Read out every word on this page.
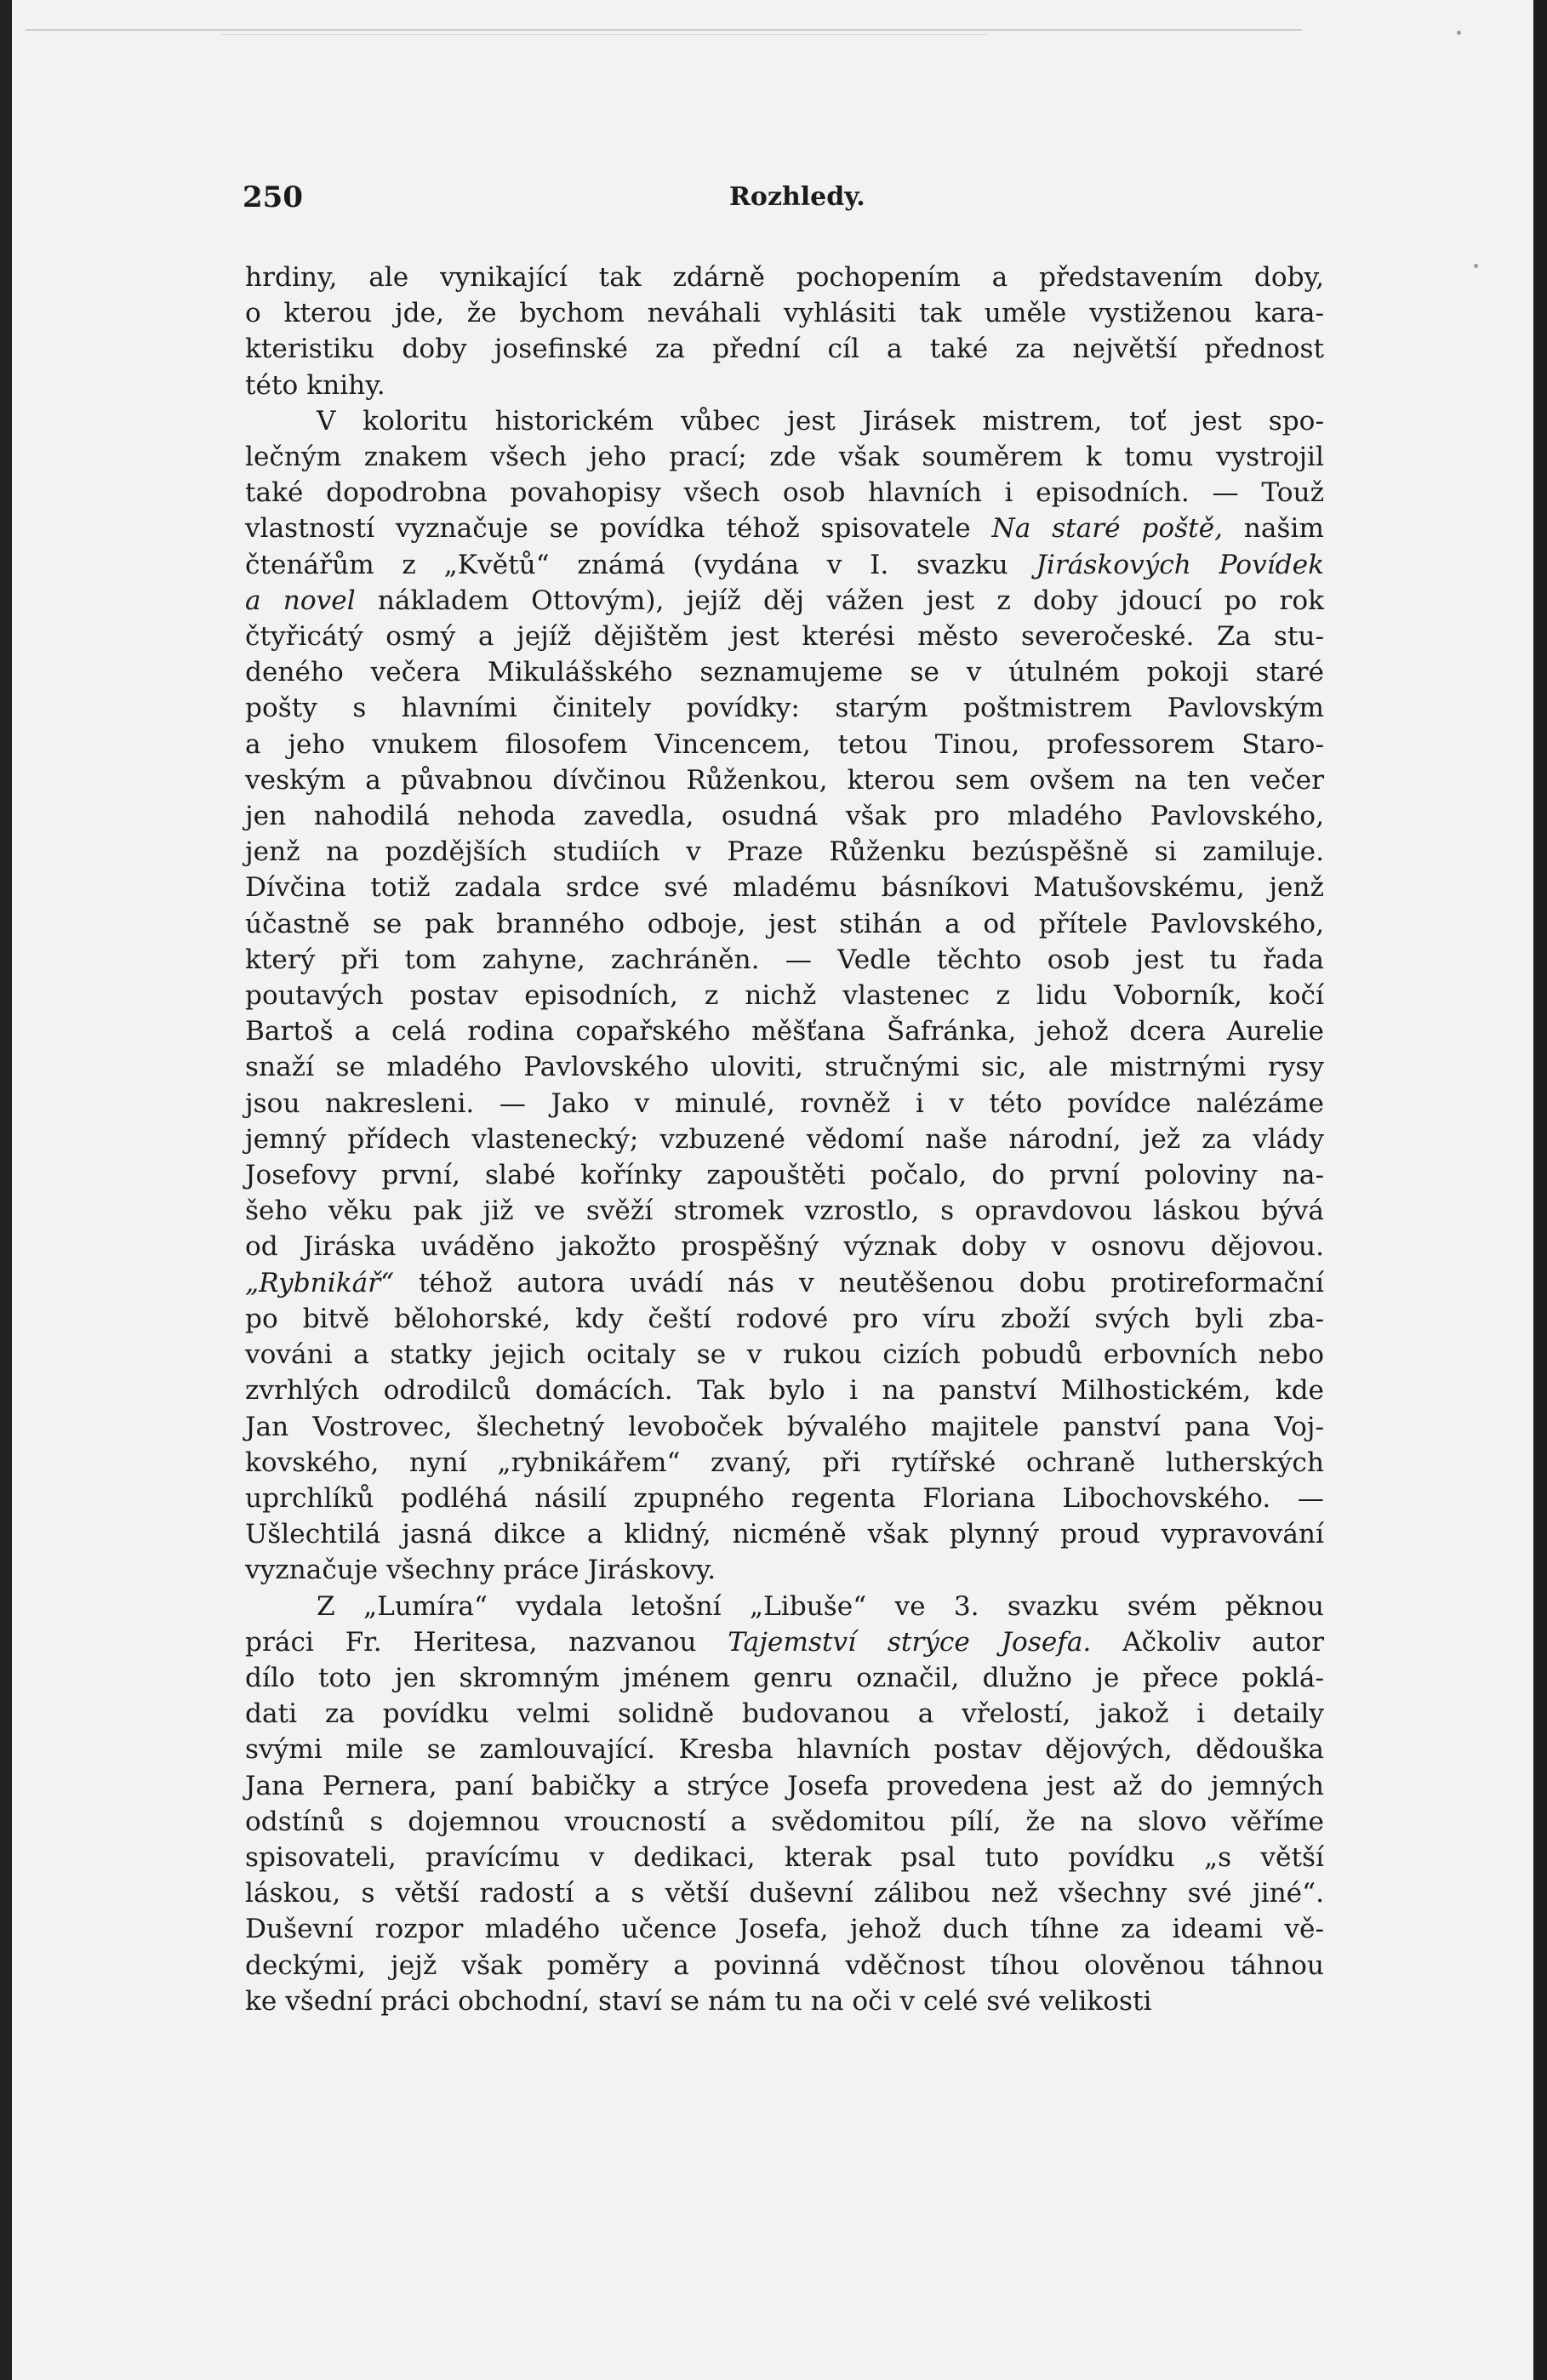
250	Rozhledy.
hrdiny, ale vynikající tak zdárně pochopením a představením doby,
o kterou jde, že bychom neváhali vyhlásiti tak uměle vystiženou kara-
kteristiku doby josefinské za přední cíl a také za největší přednost
této knihy.
V koloritu historickém vůbec jest Jirásek mistrem, toť jest spo-
lečným znakem všech jeho prací; zde však souměrem k tomu vystrojil
také dopodrobna povahopisy všech osob hlavních i episodních. — Touž
vlastností vyznačuje se povídka téhož spisovatele Na staré poště, našim
čtenářům z „Květů“ známá (vydána v I. svazku Jiráskových Povídek
a novel nákladem Ottovým), jejíž děj vážen jest z doby jdoucí po rok
čtyřicátý osmý a jejíž dějištěm jest kterési město severočeské. Za stu-
deného večera Mikulášského seznamujeme se v útulném pokoji staré
pošty s hlavními činitely povídky: starým poštmistrem Pavlovským
a jeho vnukem filosofem Vincencem, tetou Tinou, professorem Staro-
veským a půvabnou dívčinou Růženkou, kterou sem ovšem na ten večer
jen nahodilá nehoda zavedla, osudná však pro mladého Pavlovského,
jenž na pozdějších studiích v Praze Růženku bezúspěšně si zamiluje.
Dívčina totiž zadala srdce své mladému básníkovi Matušovskému, jenž
účastně se pak branného odboje, jest stihán a od přítele Pavlovského,
který při tom zahyne, zachráněn. — Vedle těchto osob jest tu řada
poutavých postav episodních, z nichž vlastenec z lidu Voborník, kočí
Bartoš a celá rodina copařského měšťana Šafránka, jehož dcera Aurelie
snaží se mladého Pavlovského uloviti, stručnými sic, ale mistrnými rysy
jsou nakresleni. — Jako v minulé, rovněž i v této povídce nalézáme
jemný přídech vlastenecký; vzbuzené vědomí naše národní, jež za vlády
Josefovy první, slabé kořínky zapouštěti počalo, do první poloviny na-
šeho věku pak již ve svěží stromek vzrostlo, s opravdovou láskou bývá
od Jiráska uváděno jakožto prospěšný význak doby v osnovu dějovou.
„Rybnikář“ téhož autora uvádí nás v neutěšenou dobu protireformační
po bitvě bělohorské, kdy čeští rodové pro víru zboží svých byli zba-
vováni a statky jejich ocitaly se v rukou cizích pobudů erbovních nebo
zvrhlých odrodilců domácích. Tak bylo i na panství Milhostickém, kde
Jan Vostrovec, šlechetný levoboček bývalého majitele panství pana Voj-
kovského, nyní „rybnikářem“ zvaný, při rytířské ochraně lutherských
uprchlíků podléhá násilí zpupného regenta Floriana Libochovského. —
Ušlechtilá jasná dikce a klidný, nicméně však plynný proud vypravování
vyznačuje všechny práce Jiráskovy.
Z „Lumíra“ vydala letošní „Libuše“ ve 3. svazku svém pěknou
práci Fr. Heritesa, nazvanou Tajemství strýce Josefa. Ačkoliv autor
dílo toto jen skromným jménem genru označil, dlužno je přece poklá-
dati za povídku velmi solidně budovanou a vřelostí, jakož i detaily
svými mile se zamlouvající. Kresba hlavních postav dějových, dědouška
Jana Pernera, paní babičky a strýce Josefa provedena jest až do jemných
odstínů s dojemnou vroucností a svědomitou pílí, že na slovo věříme
spisovateli, pravícímu v dedikaci, kterak psal tuto povídku „s větší
láskou, s větší radostí a s větší duševní zálibou než všechny své jiné“.
Duševní rozpor mladého učence Josefa, jehož duch tíhne za ideami vě-
deckými, jejž však poměry a povinná vděčnost tíhou olověnou táhnou
ke všední práci obchodní, staví se nám tu na oči v celé své velikosti
